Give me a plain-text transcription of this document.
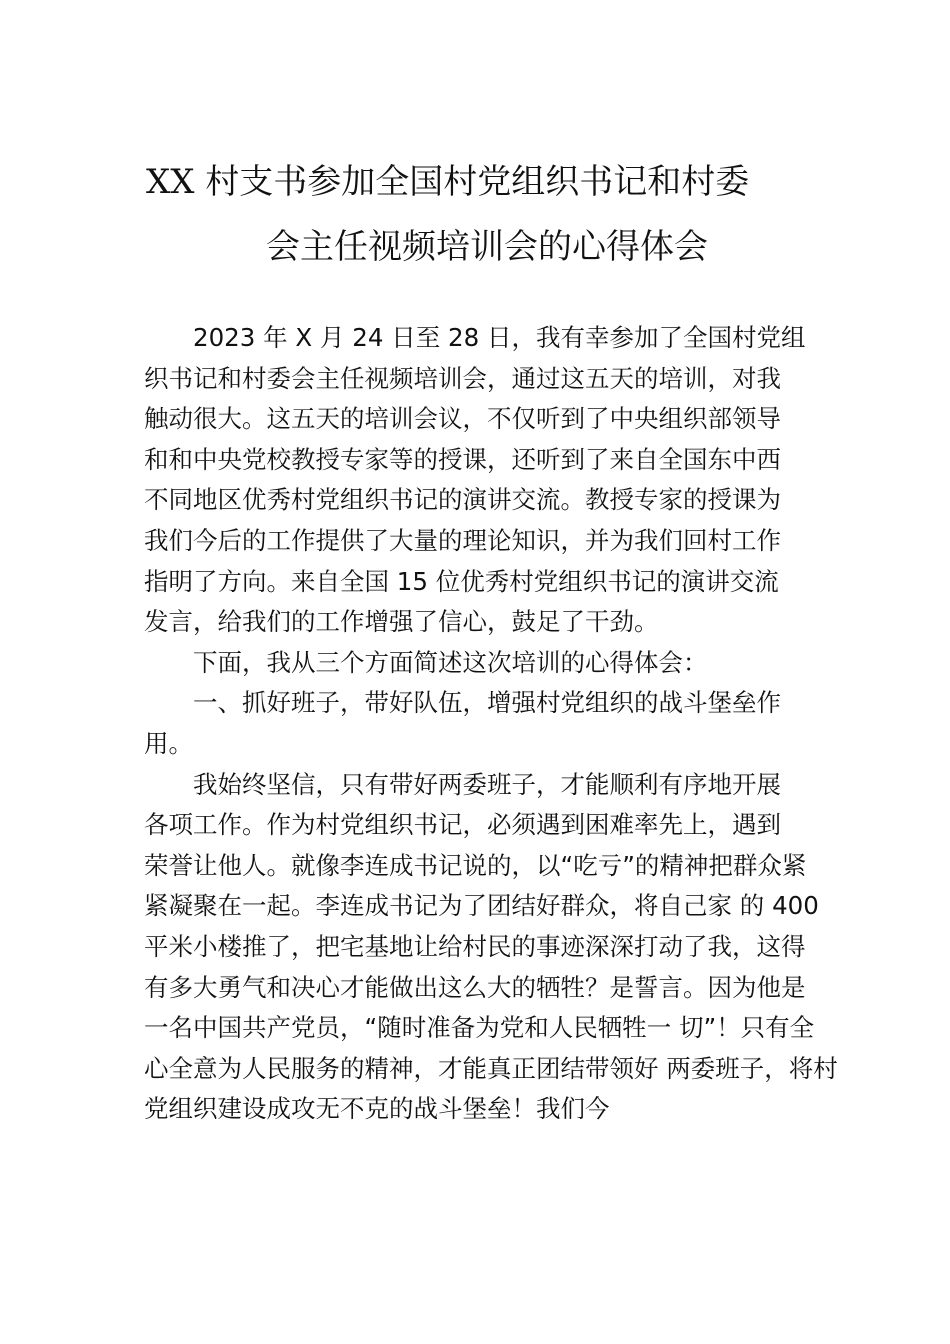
XX 村支书参加全国村党组织书记和村委
会主任视频培训会的心得体会
2023 年 X 月 24 日至 28 日，我有幸参加了全国村党组
织书记和村委会主任视频培训会，通过这五天的培训，对我
触动很大。这五天的培训会议，不仅听到了中央组织部领导
和和中央党校教授专家等的授课，还听到了来自全国东中西
不同地区优秀村党组织书记的演讲交流。教授专家的授课为
我们今后的工作提供了大量的理论知识，并为我们回村工作
指明了方向。来自全国 15 位优秀村党组织书记的演讲交流
发言，给我们的工作增强了信心，鼓足了干劲。
下面，我从三个方面简述这次培训的心得体会：
一、抓好班子，带好队伍，增强村党组织的战斗堡垒作
用。
我始终坚信，只有带好两委班子，才能顺利有序地开展
各项工作。作为村党组织书记，必须遇到困难率先上，遇到
荣誉让他人。就像李连成书记说的，以“吃亏”的精神把群众紧
紧凝聚在一起。李连成书记为了团结好群众，将自己家 的 400
平米小楼推了，把宅基地让给村民的事迹深深打动了我，这得
有多大勇气和决心才能做出这么大的牺牲？是誓言。因为他是
一名中国共产党员，“随时准备为党和人民牺牲一 切”！只有全
心全意为人民服务的精神，才能真正团结带领好 两委班子，将村
党组织建设成攻无不克的战斗堡垒！我们今
